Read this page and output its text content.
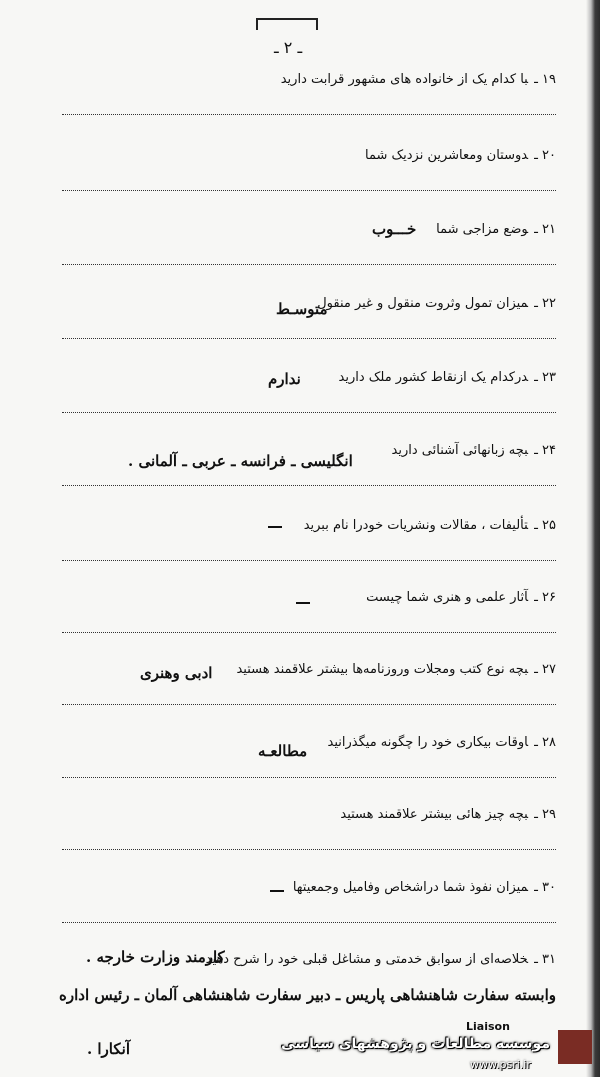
ـ ۲ ـ
۱۹ ـبا کدام یک از خانواده های مشهور قرابت دارید
۲۰ ـدوستان ومعاشرین نزدیک شما
۲۱ ـوضع مزاجی شما
خـــوب
۲۲ ـمیزان تمول وثروت منقول و غیر منقول
متوسـط
۲۳ ـدرکدام یک ازنقاط کشور ملک دارید
ندارم
۲۴ ـبچه زبانهائی آشنائی دارید
انگلیسی ـ فرانسه ـ عربی ـ آلمانی .
۲۵ ـتألیفات ، مقالات ونشریات خودرا نام ببرید
۲۶ ـآثار علمی و هنری شما چیست
۲۷ ـبچه نوع کتب ومجلات وروزنامه‌ها بیشتر علاقمند هستید
ادبی وهنری
۲۸ ـاوقات بیکاری خود را چگونه میگذرانید
مطالعـه
۲۹ ـبچه چیز هائی بیشتر علاقمند هستید
۳۰ ـمیزان نفوذ شما دراشخاص وفامیل وجمعیتها
۳۱ ـخلاصه‌ای از سوابق خدمتی و مشاغل قبلی خود را شرح دهید
کارمند وزارت خارجه .
وابسته سفارت شاهنشاهی پاریس ـ دبیر سفارت شاهنشاهی آلمان ـ رئیس اداره
Liaison
آنکارا .	موسسه مطالعات و پژوهشهای سیاسی
www.psri.ir
